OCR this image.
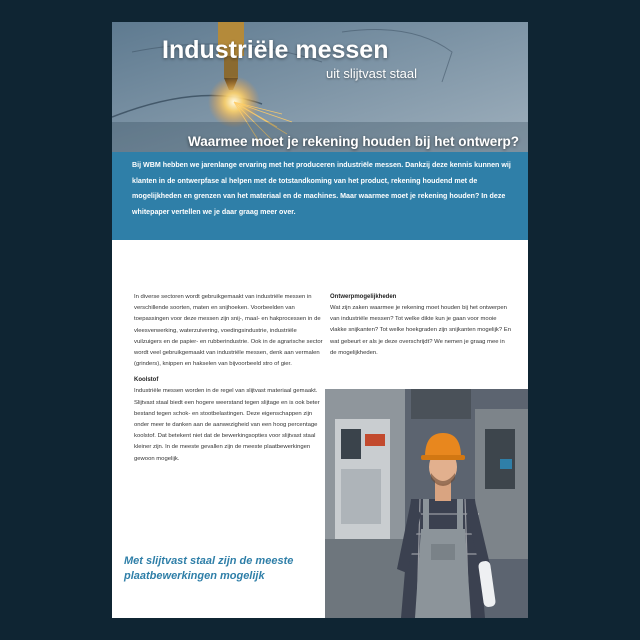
Industriële messen
uit slijtvast staal
Waarmee moet je rekening houden bij het ontwerp?

Bij WBM hebben we jarenlange ervaring met het produceren industriële messen. Dankzij deze kennis kunnen wij klanten in de ontwerpfase al helpen met de totstandkoming van het product, rekening houdend met de mogelijkheden en grenzen van het materiaal en de machines. Maar waarmee moet je rekening houden? In deze whitepaper vertellen we je daar graag meer over.

In diverse sectoren wordt gebruikgemaakt van industriële messen in verschillende soorten, maten en snijhoeken. Voorbeelden van toepassingen voor deze messen zijn snij-, maal- en hakprocessen in de vleesverwerking, waterzuivering, voedingsindustrie, industriële vuilzuigers en de papier- en rubberindustrie. Ook in de agrarische sector wordt veel gebruikgemaakt van industriële messen, denk aan vermalen (grinders), knippen en hakselen van bijvoorbeeld stro of gier.

Koolstof

Industriële messen worden in de regel van slijtvast materiaal gemaakt. Slijtvast staal biedt een hogere weerstand tegen slijtage en is ook beter bestand tegen schok- en stootbelastingen. Deze eigenschappen zijn onder meer te danken aan de aanwezigheid van een hoog percentage koolstof. Dat betekent niet dat de bewerkingsopties voor slijtvast staal kleiner zijn. In de meeste gevallen zijn de meeste plaatbewerkingen gewoon mogelijk.

Ontwerpmogelijkheden

Wat zijn zaken waarmee je rekening moet houden bij het ontwerpen van industriële messen? Tot welke dikte kun je gaan voor mooie vlakke snijkanten? Tot welke hoekgraden zijn snijkanten mogelijk? En wat gebeurt er als je deze overschrijdt? We nemen je graag mee in de mogelijkheden.

Met slijtvast staal zijn de meeste plaatbewerkingen mogelijk
